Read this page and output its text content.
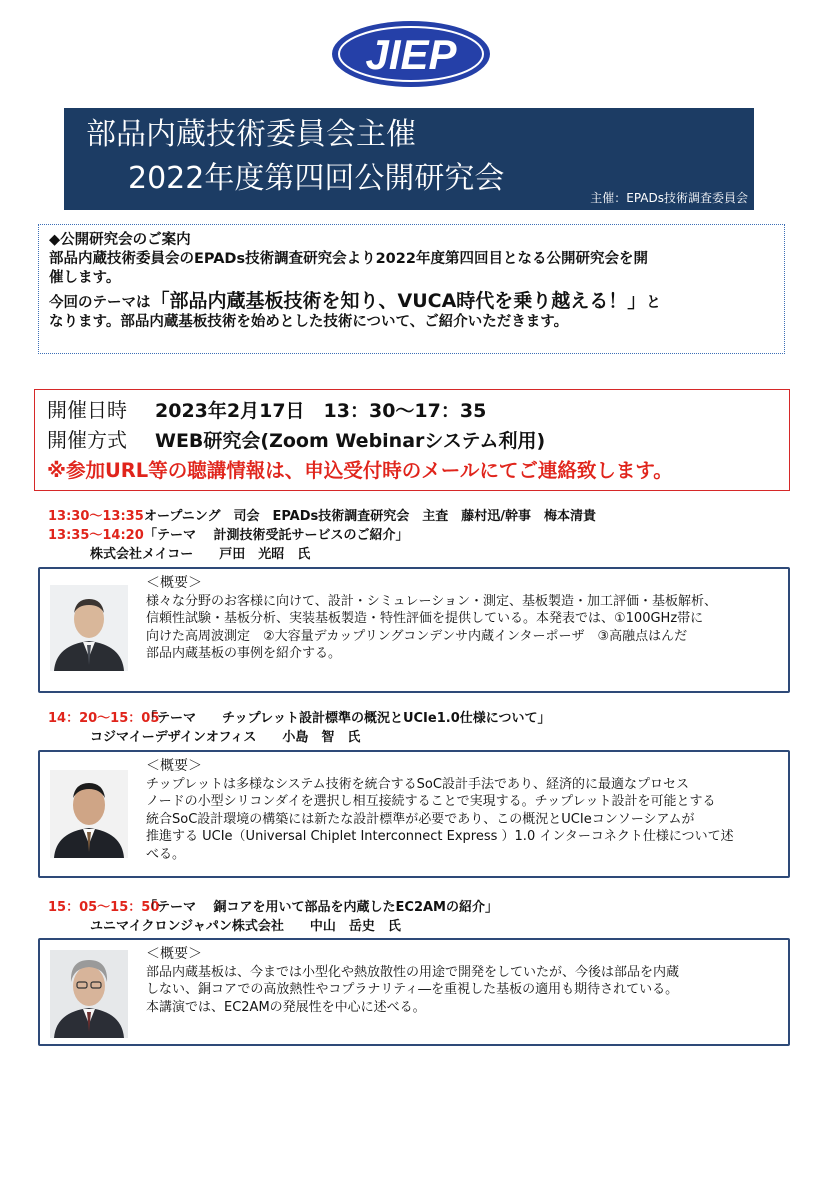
JIEP
部品内蔵技術委員会主催
2022年度第四回公開研究会
主催：EPADs技術調査委員会
◆公開研究会のご案内
部品内蔵技術委員会のEPADs技術調査研究会より2022年度第四回目となる公開研究会を開
催します。
今回のテーマは「部品内蔵基板技術を知り、VUCA時代を乗り越える！」と
なります。部品内蔵基板技術を始めとした技術について、ご紹介いただきます。
開催日時 2023年2月17日　13：30～17：35
開催方式 WEB研究会(Zoom Webinarシステム利用)
※参加URL等の聴講情報は、申込受付時のメールにてご連絡致します。
13:30～13:35オープニング　司会　EPADs技術調査研究会　主査　藤村迅/幹事　梅本清貴
13:35～14:20「テーマ　 計測技術受託サービスのご紹介」
株式会社メイコー　　戸田　光昭　氏
＜概要＞
様々な分野のお客様に向けて、設計・シミュレーション・測定、基板製造・加工評価・基板解析、
信頼性試験・基板分析、実装基板製造・特性評価を提供している。本発表では、①100GHz帯に
向けた高周波測定　②大容量デカップリングコンデンサ内蔵インターポーザ　③高融点はんだ
部品内蔵基板の事例を紹介する。
14：20～15：05「テーマ　　チップレット設計標準の概況とUCIe1.0仕様について」
コジマイーデザインオフィス　　小島　智　氏
＜概要＞
チップレットは多様なシステム技術を統合するSoC設計手法であり、経済的に最適なプロセス
ノードの小型シリコンダイを選択し相互接続することで実現する。チップレット設計を可能とする
統合SoC設計環境の構築には新たな設計標準が必要であり、この概況とUCIeコンソーシアムが
推進する UCIe（Universal Chiplet Interconnect Express ）1.0 インターコネクト仕様について述
べる。
15：05～15：50「テーマ　 銅コアを用いて部品を内蔵したEC2AMの紹介」
ユニマイクロンジャパン株式会社　　中山　岳史　氏
＜概要＞
部品内蔵基板は、今までは小型化や熱放散性の用途で開発をしていたが、今後は部品を内蔵
しない、銅コアでの高放熱性やコプラナリティ―を重視した基板の適用も期待されている。
本講演では、EC2AMの発展性を中心に述べる。
